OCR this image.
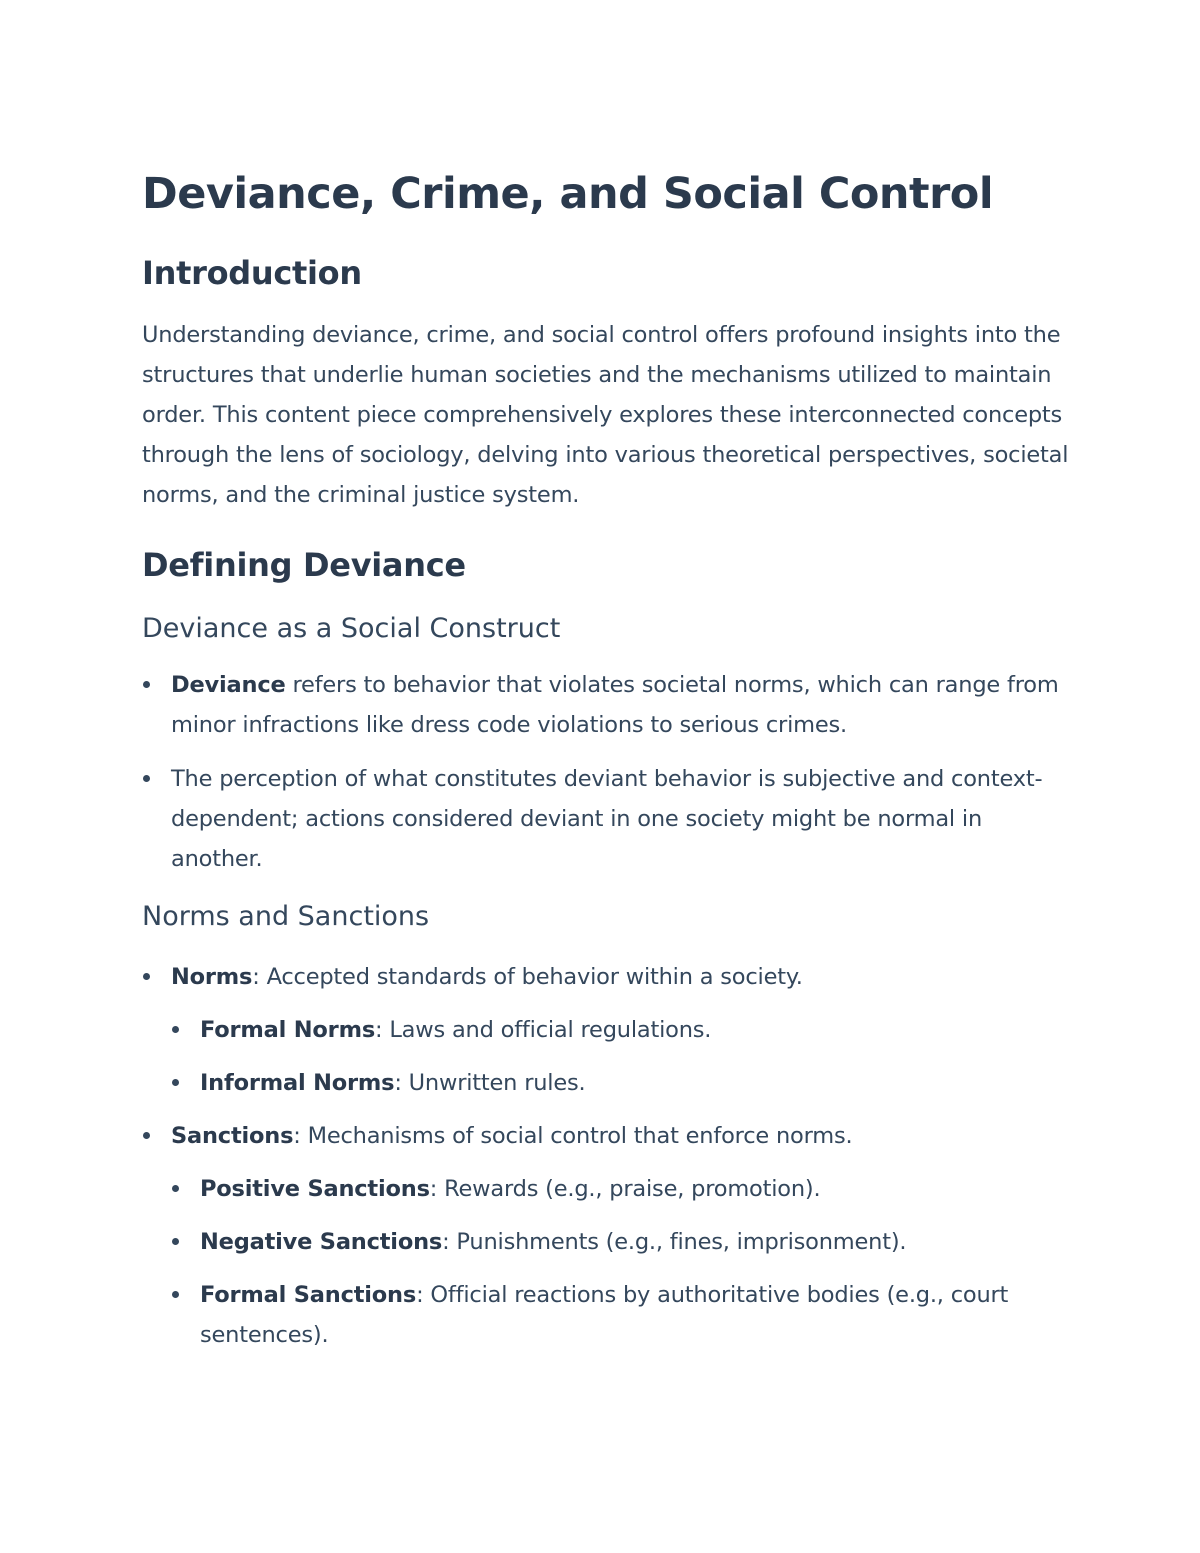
Deviance, Crime, and Social Control
Introduction

Understanding deviance, crime, and social control offers profound insights into the structures that underlie human societies and the mechanisms utilized to maintain order. This content piece comprehensively explores these interconnected concepts through the lens of sociology, delving into various theoretical perspectives, societal norms, and the criminal justice system.

Defining Deviance
Deviance as a Social Construct
Deviance refers to behavior that violates societal norms, which can range from minor infractions like dress code violations to serious crimes.
The perception of what constitutes deviant behavior is subjective and context-dependent; actions considered deviant in one society might be normal in another.
Norms and Sanctions
Norms: Accepted standards of behavior within a society.
Formal Norms: Laws and official regulations.
Informal Norms: Unwritten rules.
Sanctions: Mechanisms of social control that enforce norms.
Positive Sanctions: Rewards (e.g., praise, promotion).
Negative Sanctions: Punishments (e.g., fines, imprisonment).
Formal Sanctions: Official reactions by authoritative bodies (e.g., court sentences).
